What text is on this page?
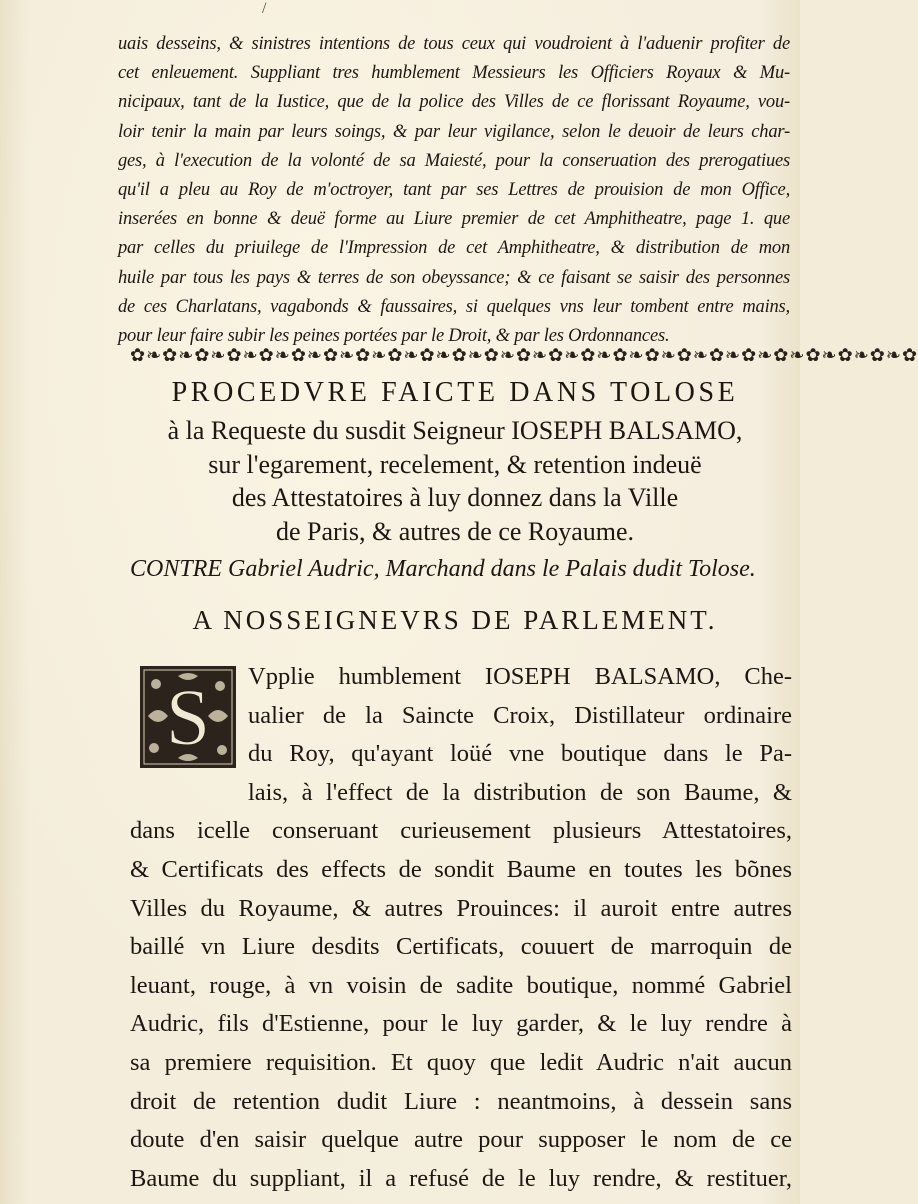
/
uais desseins, & sinistres intentions de tous ceux qui voudroient à l'aduenir profiter de
cet enleuement. Suppliant tres humblement Messieurs les Officiers Royaux & Mu-
nicipaux, tant de la Iustice, que de la police des Villes de ce florissant Royaume, vou-
loir tenir la main par leurs soings, & par leur vigilance, selon le deuoir de leurs char-
ges, à l'execution de la volonté de sa Maiesté, pour la conseruation des prerogatiues
qu'il a pleu au Roy de m'octroyer, tant par ses Lettres de prouision de mon Office,
inserées en bonne & deuë forme au Liure premier de cet Amphitheatre, page 1. que
par celles du priuilege de l'Impression de cet Amphitheatre, & distribution de mon
huile par tous les pays & terres de son obeyssance; & ce faisant se saisir des personnes
de ces Charlatans, vagabonds & faussaires, si quelques vns leur tombent entre mains,
pour leur faire subir les peines portées par le Droit, & par les Ordonnances.
✿❧✿❧✿❧✿❧✿❧✿❧✿❧✿❧✿❧✿❧✿❧✿❧✿❧✿❧✿❧✿❧✿❧✿❧✿❧✿❧✿❧✿❧✿❧✿❧✿
PROCEDVRE FAICTE DANS TOLOSE
à la Requeste du susdit Seigneur IOSEPH BALSAMO,
sur l'egarement, recelement, & retention indeuë
des Attestatoires à luy donnez dans la Ville
de Paris, & autres de ce Royaume.
CONTRE Gabriel Audric, Marchand dans le Palais dudit Tolose.
A NOSSEIGNEVRS DE PARLEMENT.
S Vpplie humblement IOSEPH BALSAMO, Che-
ualier de la Saincte Croix, Distillateur ordinaire
du Roy, qu'ayant loüé vne boutique dans le Pa-
lais, à l'effect de la distribution de son Baume, &
dans icelle conseruant curieusement plusieurs Attestatoires,
& Certificats des effects de sondit Baume en toutes les bõnes
Villes du Royaume, & autres Prouinces: il auroit entre autres
baillé vn Liure desdits Certificats, couuert de marroquin de
leuant, rouge, à vn voisin de sadite boutique, nommé Gabriel
Audric, fils d'Estienne, pour le luy garder, & le luy rendre à
sa premiere requisition. Et quoy que ledit Audric n'ait aucun
droit de retention dudit Liure : neantmoins, à dessein sans
doute d'en saisir quelque autre pour supposer le nom de ce
Baume du suppliant, il a refusé de le luy rendre, & restituer,
